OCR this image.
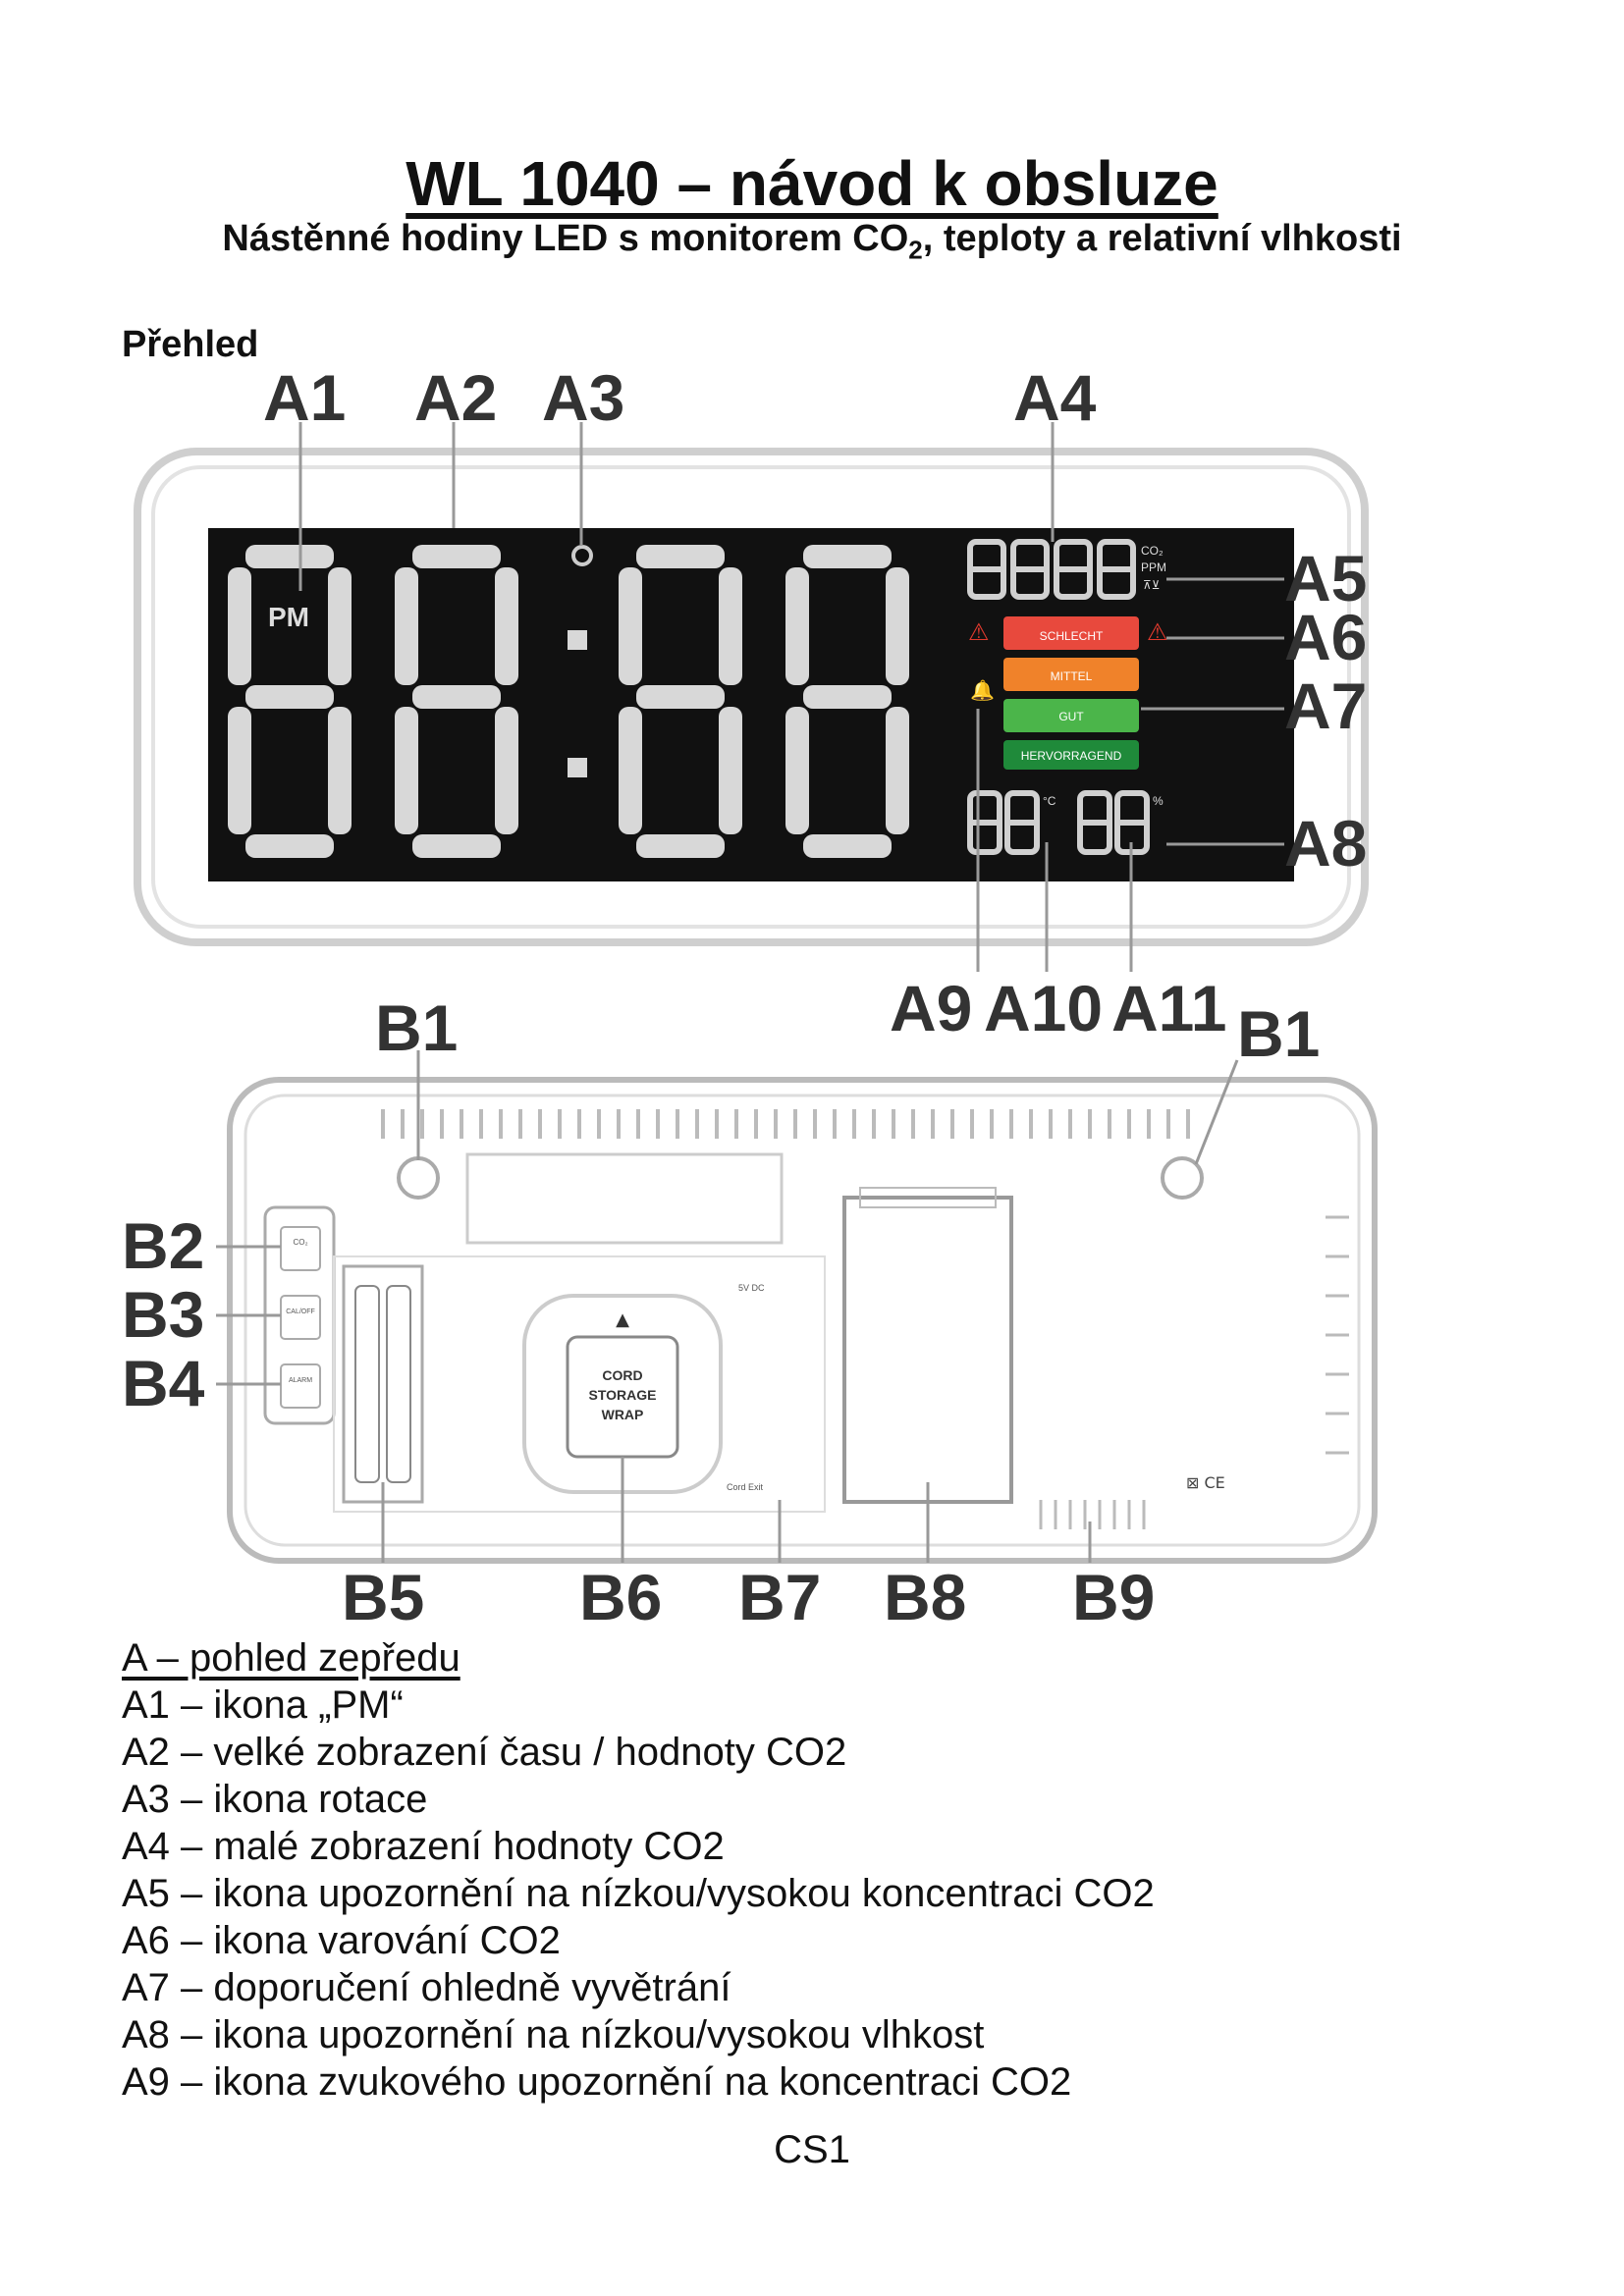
WL 1040 – návod k obsluze
Nástěnné hodiny LED s monitorem $CO_2$, teploty a relativní vlhkosti
Přehled
PM
CO₂
PPM
⊼⊻
⚠	⚠
SCHLECHT
MITTEL
GUT
HERVORRAGEND
🔔
°C	%
A1 A2 A3	A4
A5
A6
A7
A8
A9 A10 A11
CO₂
CAL/OFF
ALARM
▲
CORD
STORAGE
WRAP
5V DC
Cord Exit	⊠ CE
B1	B1
B2
B3
B4
B5 B6 B7 B8 B9
A – pohled zepředu
A1 – ikona „PM“
A2 – velké zobrazení času / hodnoty CO2
A3 – ikona rotace
A4 – malé zobrazení hodnoty CO2
A5 – ikona upozornění na nízkou/vysokou koncentraci CO2
A6 – ikona varování CO2
A7 – doporučení ohledně vyvětrání
A8 – ikona upozornění na nízkou/vysokou vlhkost
A9 – ikona zvukového upozornění na koncentraci CO2
CS1
